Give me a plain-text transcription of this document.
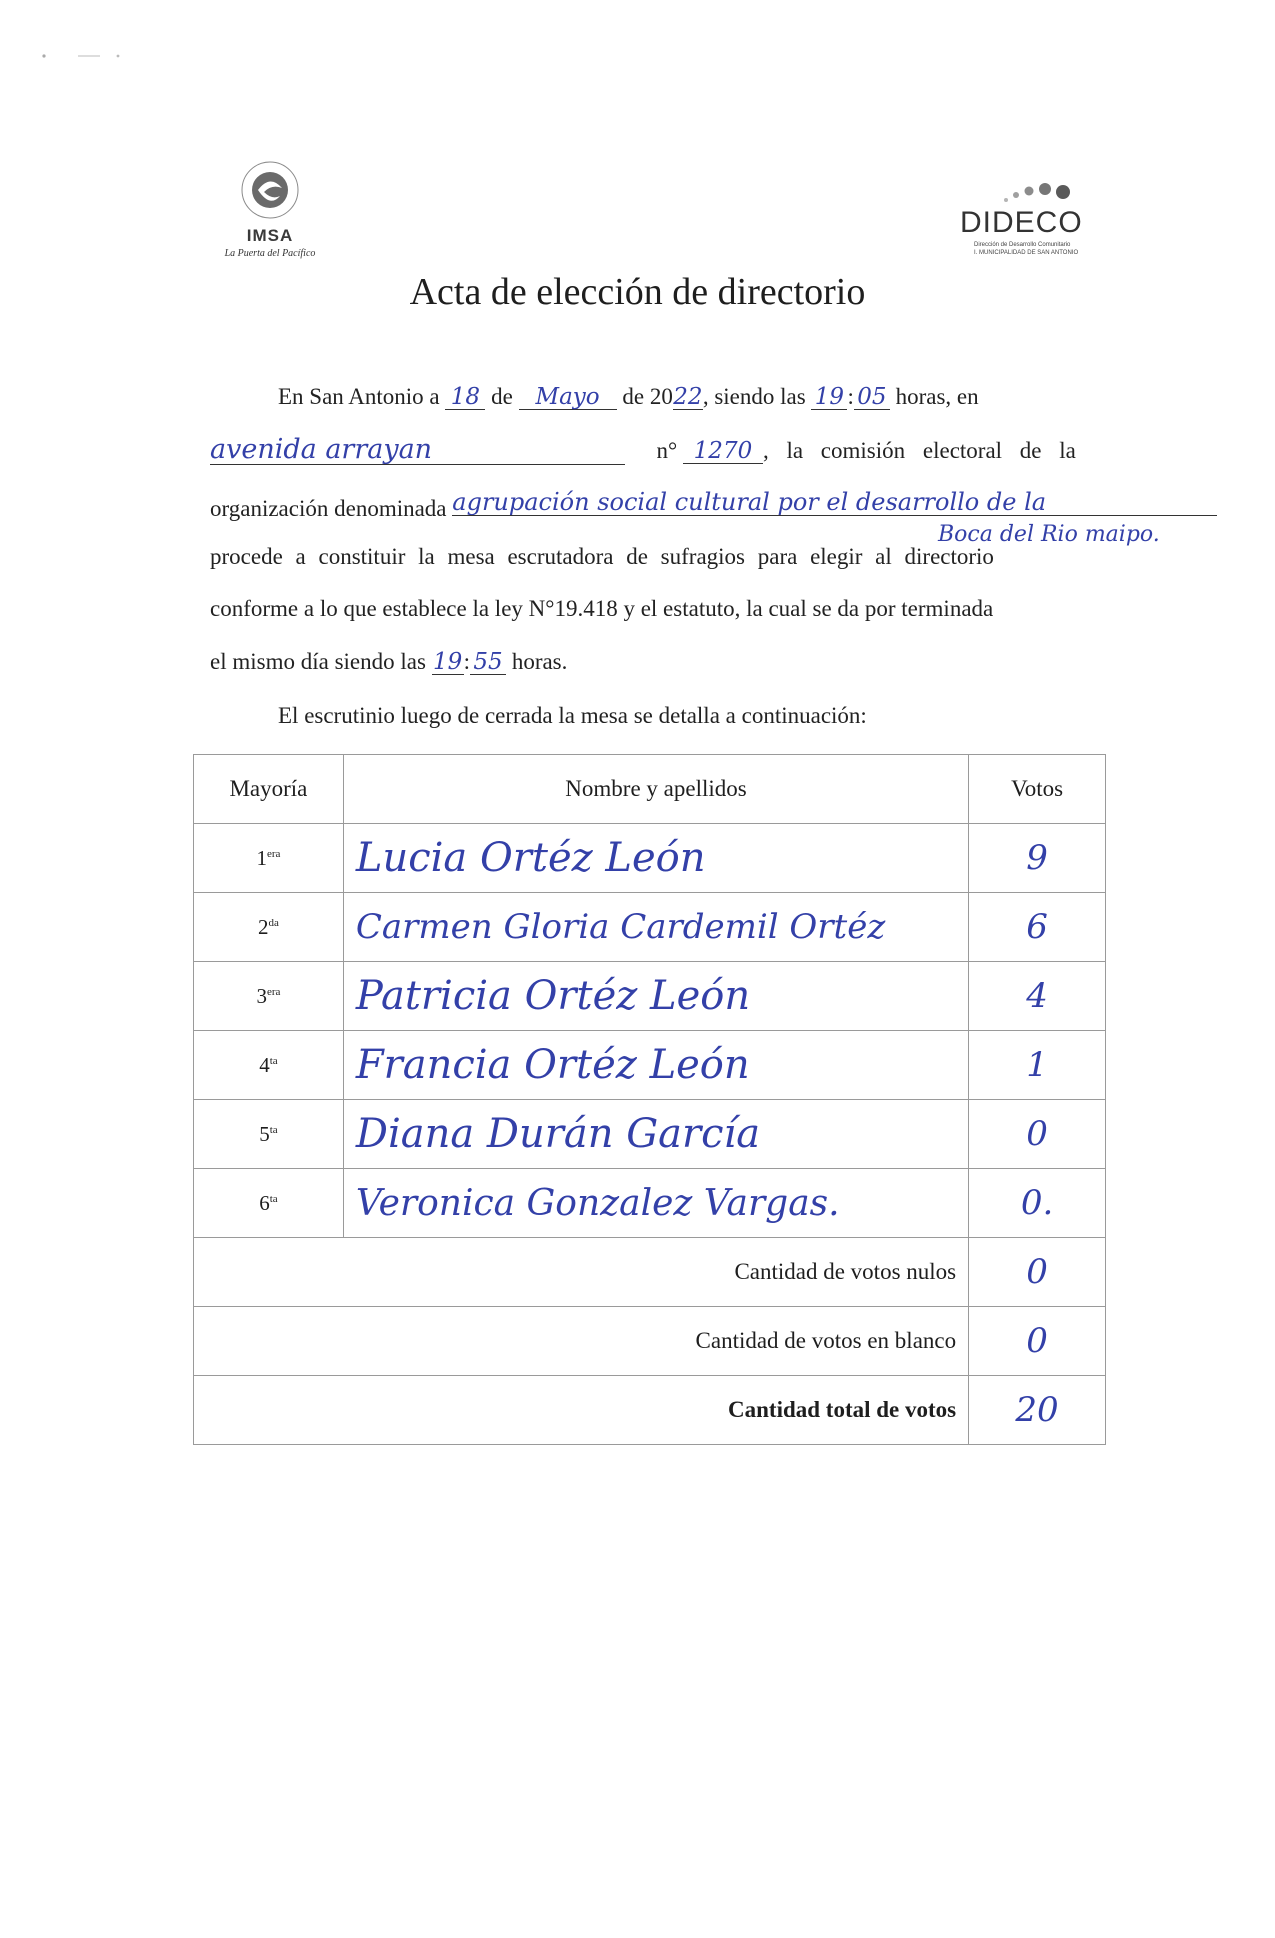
IMSA
La Puerta del Pacífico
DIDECO
Dirección de Desarrollo Comunitario
I. MUNICIPALIDAD DE SAN ANTONIO
Acta de elección de directorio
En San Antonio a 18 de Mayo de 2022, siendo las 19 : 05 horas, en
avenida arrayan	n° 1270 , la comisión electoral de la
organización denominada agrupación social cultural por el desarrollo de la
Boca del Rio maipo.
procede a constituir la mesa escrutadora de sufragios para elegir al directorio
conforme a lo que establece la ley N°19.418 y el estatuto, la cual se da por terminada
el mismo día siendo las 19: 55 horas.
El escrutinio luego de cerrada la mesa se detalla a continuación:
Mayoría	Nombre y apellidos	Votos
$1^{era}$	Lucia Ortéz León	9
$2^{da}$	Carmen Gloria Cardemil Ortéz	6
$3^{era}$	Patricia Ortéz León	4
$4^{ta}$	Francia Ortéz León	1
$5^{ta}$	Diana Durán García	0
$6^{ta}$	Veronica Gonzalez Vargas.	0.
Cantidad de votos nulos		0
Cantidad de votos en blanco		0
Cantidad total de votos		20
